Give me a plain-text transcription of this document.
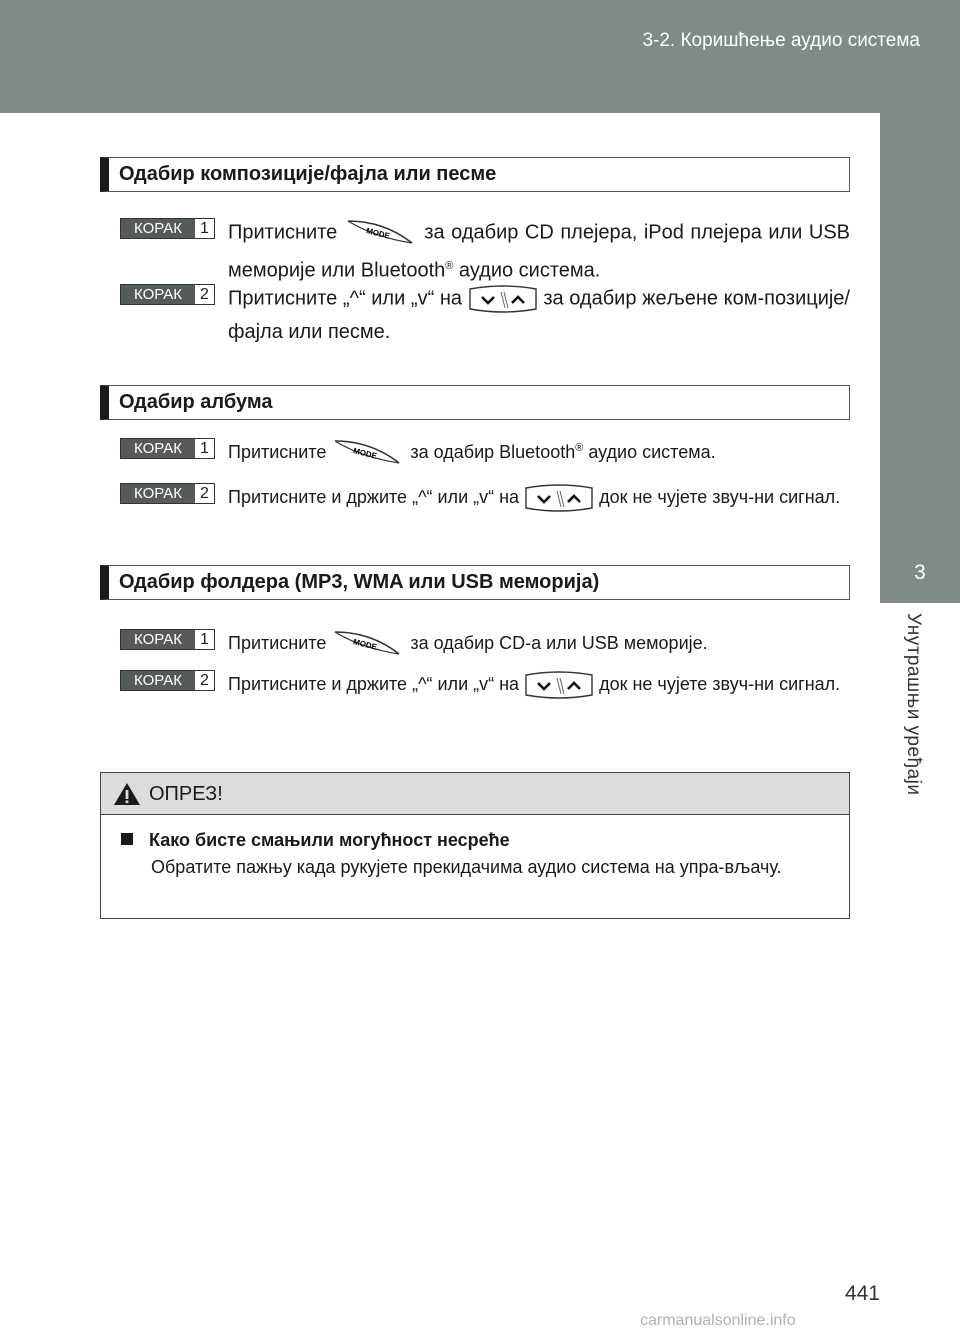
3-2. Коришћење аудио система
3
Унутрашњи уређаји
Одабир композиције/фајла или песме
КОРАК	1 Притисните	MODE за одабир CD плејера, iPod плејера или USB меморије или Bluetooth® аудио система.
КОРАК	2 Притисните „^“ или „v“ на	за одабир жељене ком-позиције/фајла или песме.
Одабир албума
КОРАК	1 Притисните	MODE за одабир Bluetooth® аудио система.
КОРАК	2 Притисните и држите „^“ или „v“ на	док не чујете звуч-ни сигнал.
Одабир фолдера (MP3, WMA или USB меморија)
КОРАК	1 Притисните	MODE за одабир CD-a или USB меморије.
КОРАК	2 Притисните и држите „^“ или „v“ на	док не чујете звуч-ни сигнал.
ОПРЕЗ!
Како бисте смањили могућност несреће
Обратите пажњу када рукујете прекидачима аудио система на упра-вљачу.
441
carmanualsonline.info
